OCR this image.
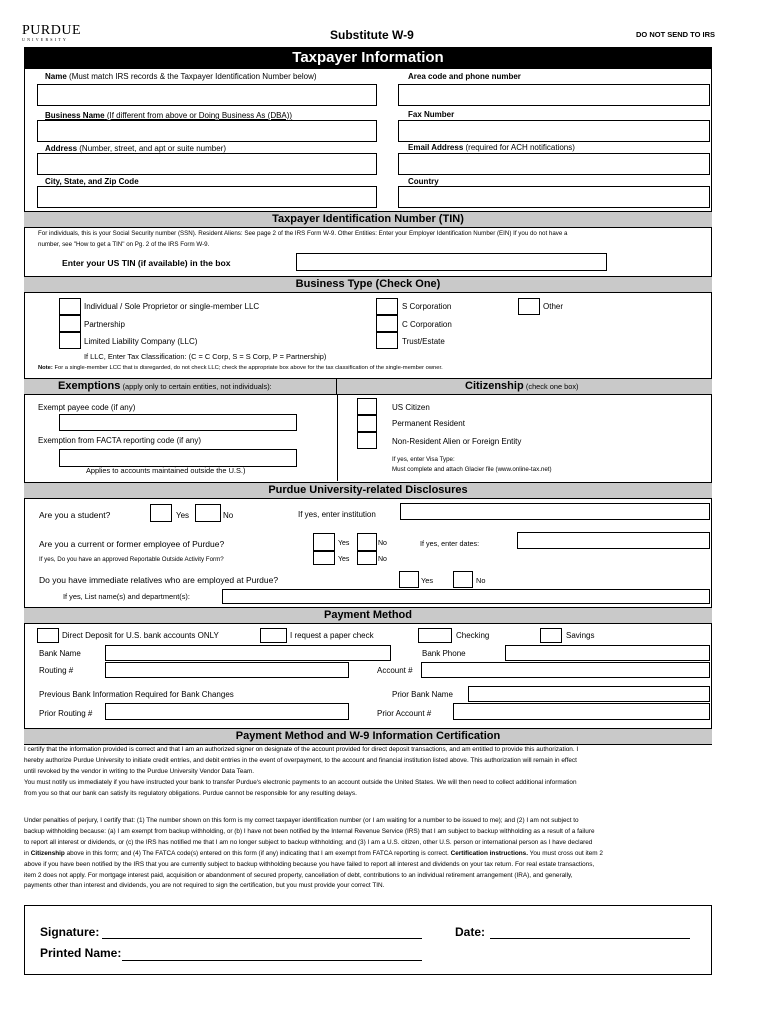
PURDUE
UNIVERSITY	Substitute W-9	DO NOT SEND TO IRS
Taxpayer Information
Name (Must match IRS records & the Taxpayer Identification Number below)	Area code and phone number
Business Name (If different from above or Doing Business As (DBA))	Fax Number
Address (Number, street, and apt or suite number)	Email Address (required for ACH notifications)
City, State, and Zip Code	Country
Taxpayer Identification Number (TIN)
For individuals, this is your Social Security number (SSN). Resident Aliens: See page 2 of the IRS Form W-9. Other Entities: Enter your Employer Identification Number (EIN) If you do not have a
number, see "How to get a TIN" on Pg. 2 of the IRS Form W-9.
Enter your US TIN (if available) in the box
Business Type (Check One)
Individual / Sole Proprietor or single-member LLC
Partnership
Limited Liability Company (LLC)
If LLC, Enter Tax Classification: (C = C Corp, S = S Corp, P = Partnership)
S Corporation
C Corporation
Trust/Estate
Other
Note: For a single-member LCC that is disregarded, do not check LLC; check the appropriate box above for the tax classification of the single-member owner.
Exemptions (apply only to certain entities, not individuals):	Citizenship (check one box)
Exempt payee code (if any)
Exemption from FACTA reporting code (if any)
Applies to accounts maintained outside the U.S.)
US Citizen
Permanent Resident
Non-Resident Alien or Foreign Entity
If yes, enter Visa Type:
Must complete and attach Glacier file (www.online-tax.net)
Purdue University-related Disclosures
Are you a student?	Yes	No	If yes, enter institution
Are you a current or former employee of Purdue?
If yes, Do you have an approved Reportable Outside Activity Form?
Yes	No
Yes	No
If yes, enter dates:
Do you have immediate relatives who are employed at Purdue?	Yes	No
If yes, List name(s) and department(s):
Payment Method
Direct Deposit for U.S. bank accounts ONLY	I request a paper check	Checking	Savings
Bank Name	Bank Phone
Routing #	Account #
Previous Bank Information Required for Bank Changes	Prior Bank Name
Prior Routing #	Prior Account #
Payment Method and W-9 Information Certification
I certify that the information provided is correct and that I am an authorized signer on designate of the account provided for direct deposit transactions, and am entitled to provide this authorization. I
hereby authorize Purdue University to initiate credit entries, and debit entries in the event of overpayment, to the account and financial institution listed above. This authorization will remain in effect
until revoked by the vendor in writing to the Purdue University Vendor Data Team.
You must notify us immediately if you have instructed your bank to transfer Purdue's electronic payments to an account outside the United States. We will then need to collect additional information
from you so that our bank can satisfy its regulatory obligations. Purdue cannot be responsible for any resulting delays.
Under penalties of perjury, I certify that: (1) The number shown on this form is my correct taxpayer identification number (or I am waiting for a number to be issued to me); and (2) I am not subject to
backup withholding because: (a) I am exempt from backup withholding, or (b) I have not been notified by the Internal Revenue Service (IRS) that I am subject to backup withholding as a result of a failure
to report all interest or dividends, or (c) the IRS has notified me that I am no longer subject to backup withholding; and (3) I am a U.S. citizen, other U.S. person or international person as I have declared
in Citizenship above in this form; and (4) The FATCA code(s) entered on this form (if any) indicating that I am exempt from FATCA reporting is correct. Certification instructions. You must cross out item 2
above if you have been notified by the IRS that you are currently subject to backup withholding because you have failed to report all interest and dividends on your tax return. For real estate transactions,
item 2 does not apply. For mortgage interest paid, acquisition or abandonment of secured property, cancellation of debt, contributions to an individual retirement arrangement (IRA), and generally,
payments other than interest and dividends, you are not required to sign the certification, but you must provide your correct TIN.
Signature:	Date:
Printed Name:
